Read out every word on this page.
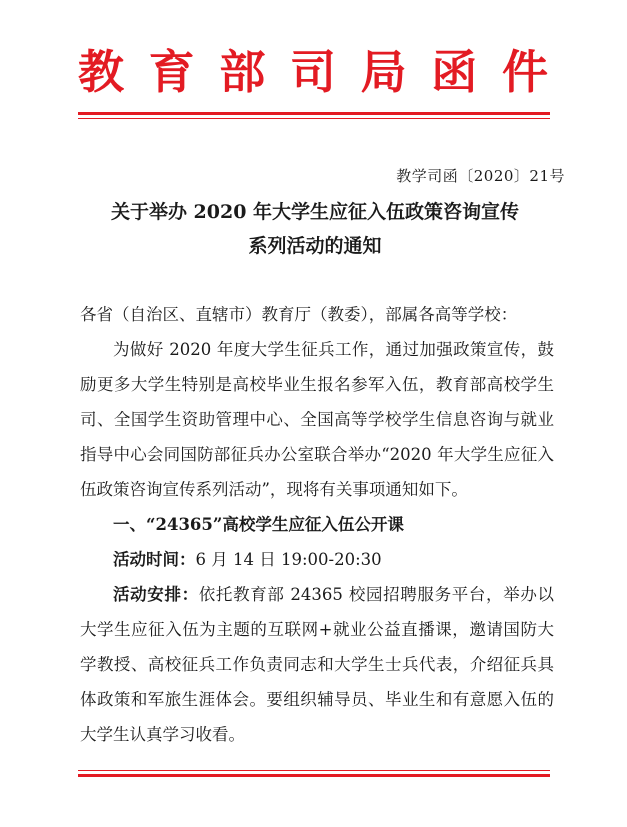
教 育 部 司 局 函 件
教学司函〔2020〕21号
关于举办 2020 年大学生应征入伍政策咨询宣传
系列活动的通知

各省（自治区、直辖市）教育厅（教委），部属各高等学校：

为做好 2020 年度大学生征兵工作，通过加强政策宣传，鼓励更多大学生特别是高校毕业生报名参军入伍，教育部高校学生司、全国学生资助管理中心、全国高等学校学生信息咨询与就业指导中心会同国防部征兵办公室联合举办“2020 年大学生应征入伍政策咨询宣传系列活动”，现将有关事项通知如下。

一、“24365”高校学生应征入伍公开课

活动时间：6 月 14 日 19:00-20:30

活动安排：依托教育部 24365 校园招聘服务平台，举办以大学生应征入伍为主题的互联网+就业公益直播课，邀请国防大学教授、高校征兵工作负责同志和大学生士兵代表，介绍征兵具体政策和军旅生涯体会。要组织辅导员、毕业生和有意愿入伍的大学生认真学习收看。
